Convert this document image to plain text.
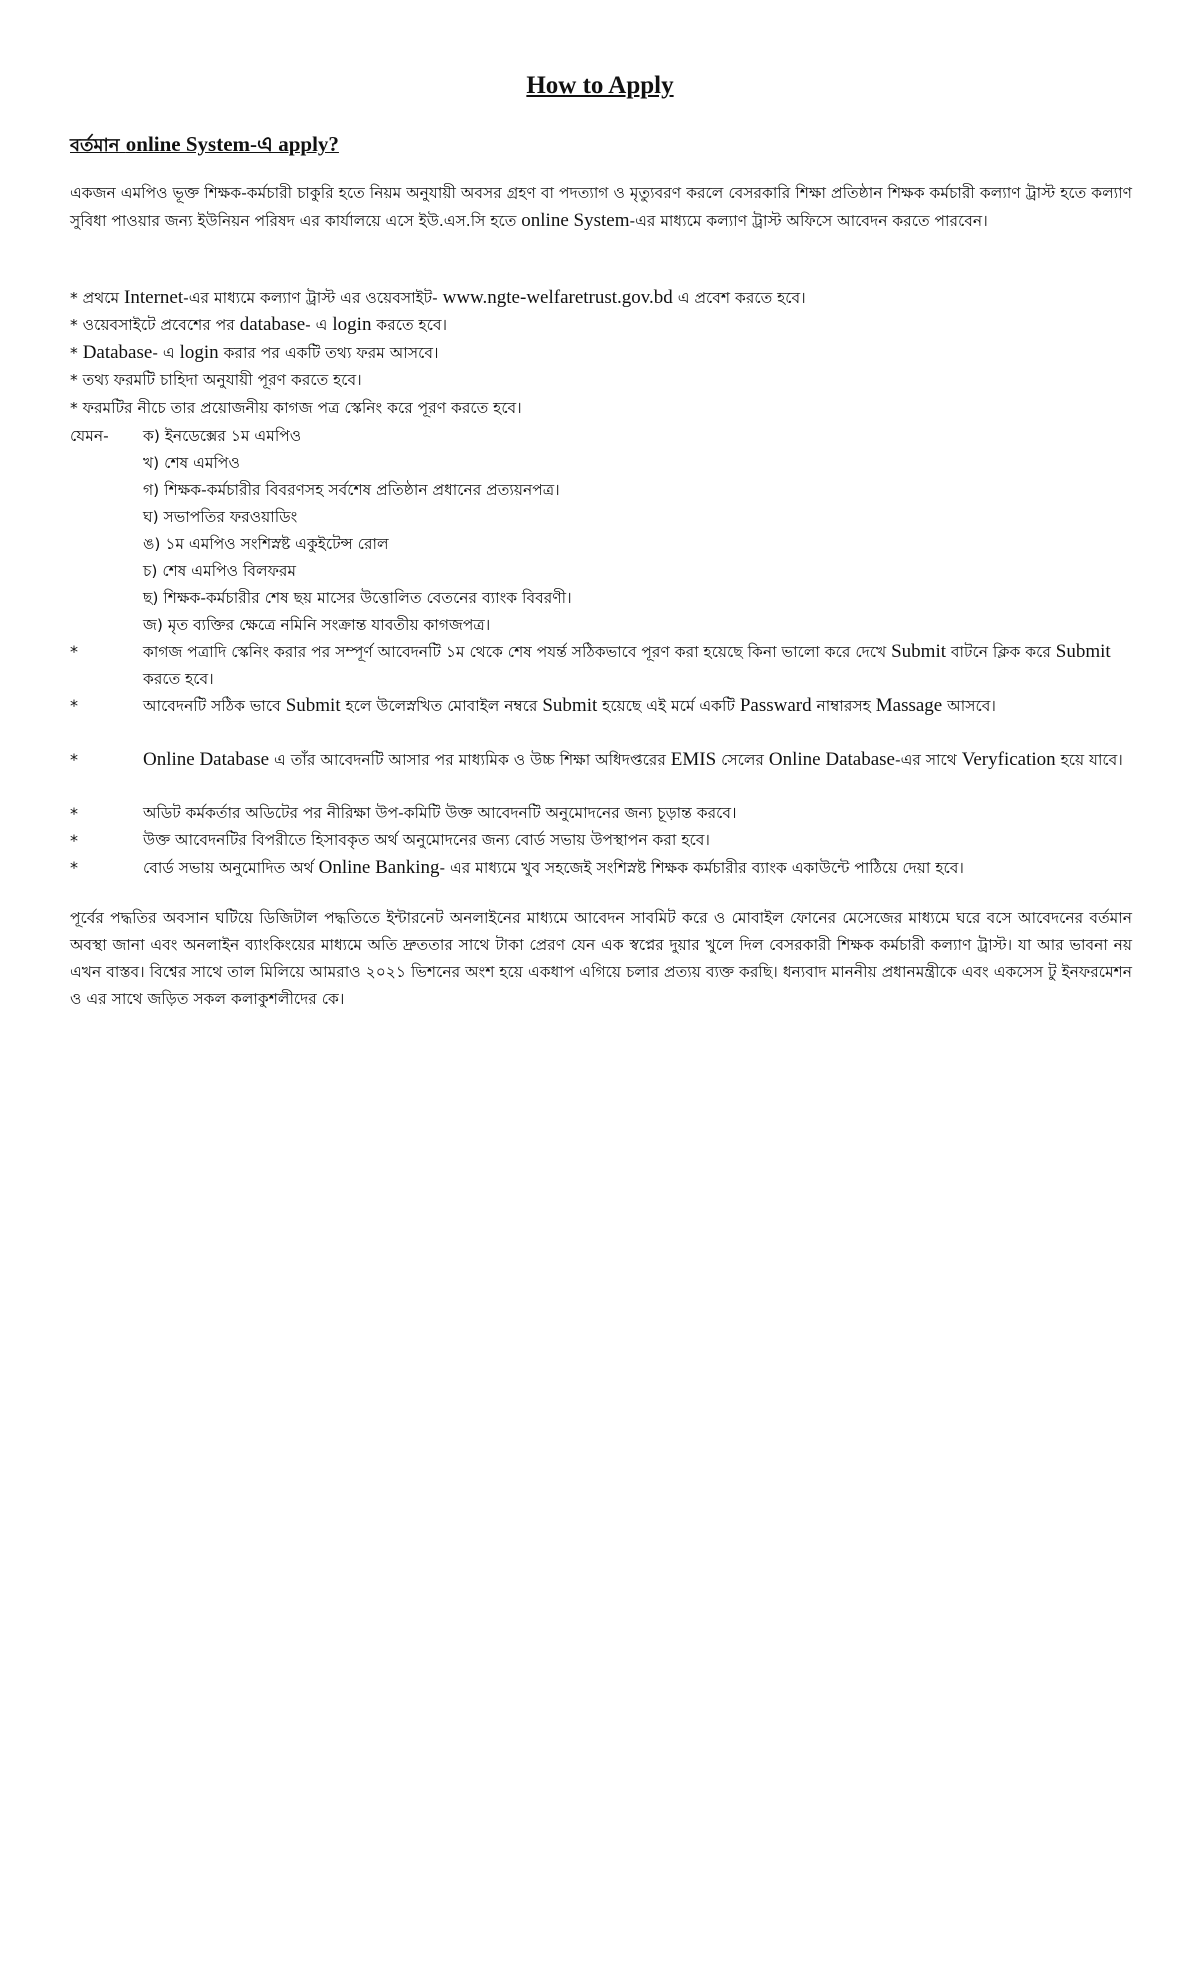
How to Apply
বর্তমান online System-এ apply?
একজন এমপিও ভূক্ত শিক্ষক-কর্মচারী চাকুরি হতে নিয়ম অনুযায়ী অবসর গ্রহণ বা পদত্যাগ ও মৃত্যুবরণ করলে বেসরকারি শিক্ষা প্রতিষ্ঠান শিক্ষক কর্মচারী কল্যাণ ট্রাস্ট হতে কল্যাণ সুবিধা পাওয়ার জন্য ইউনিয়ন পরিষদ এর কার্যালয়ে এসে ইউ.এস.সি হতে online System-এর মাধ্যমে কল্যাণ ট্রাস্ট অফিসে আবেদন করতে পারবেন।
* প্রথমে Internet-এর মাধ্যমে কল্যাণ ট্রাস্ট এর ওয়েবসাইট- www.ngte-welfaretrust.gov.bd এ প্রবেশ করতে হবে।
* ওয়েবসাইটে প্রবেশের পর database- এ login করতে হবে।
* Database- এ login করার পর একটি তথ্য ফরম আসবে।
* তথ্য ফরমটি চাহিদা অনুযায়ী পূরণ করতে হবে।
* ফরমটির নীচে তার প্রয়োজনীয় কাগজ পত্র স্কেনিং করে পূরণ করতে হবে।
যেমন- ক) ইনডেক্সের ১ম এমপিও
খ) শেষ এমপিও
গ) শিক্ষক-কর্মচারীর বিবরণসহ সর্বশেষ প্রতিষ্ঠান প্রধানের প্রত্যয়নপত্র।
ঘ) সভাপতির ফরওয়াডিং
ঙ) ১ম এমপিও সংশিস্নষ্ট একুইটেন্স রোল
চ) শেষ এমপিও বিলফরম
ছ) শিক্ষক-কর্মচারীর শেষ ছয় মাসের উত্তোলিত বেতনের ব্যাংক বিবরণী।
জ) মৃত ব্যক্তির ক্ষেত্রে নমিনি সংক্রান্ত যাবতীয় কাগজপত্র।
*	কাগজ পত্রাদি স্কেনিং করার পর সম্পূর্ণ আবেদনটি ১ম থেকে শেষ পযর্ন্ত সঠিকভাবে পূরণ করা হয়েছে কিনা ভালো করে দেখে Submit বাটনে ক্লিক করে Submit করতে হবে।
*	আবেদনটি সঠিক ভাবে Submit হলে উলেস্নখিত মোবাইল নম্বরে Submit হয়েছে এই মর্মে একটি Passward নাম্বারসহ Massage আসবে।
*	Online Database এ তাঁর আবেদনটি আসার পর মাধ্যমিক ও উচ্চ শিক্ষা অধিদপ্তরের EMIS সেলের Online Database-এর সাথে Veryfication হয়ে যাবে।
*	অডিট কর্মকর্তার অডিটের পর নীরিক্ষা উপ-কমিটি উক্ত আবেদনটি অনুমোদনের জন্য চূড়ান্ত করবে।
*	উক্ত আবেদনটির বিপরীতে হিসাবকৃত অর্থ অনুমোদনের জন্য বোর্ড সভায় উপস্থাপন করা হবে।
*	বোর্ড সভায় অনুমোদিত অর্থ Online Banking- এর মাধ্যমে খুব সহজেই সংশিস্নষ্ট শিক্ষক কর্মচারীর ব্যাংক একাউন্টে পাঠিয়ে দেয়া হবে।
পূর্বের পদ্ধতির অবসান ঘটিয়ে ডিজিটাল পদ্ধতিতে ইন্টারনেট অনলাইনের মাধ্যমে আবেদন সাবমিট করে ও মোবাইল ফোনের মেসেজের মাধ্যমে ঘরে বসে আবেদনের বর্তমান অবস্থা জানা এবং অনলাইন ব্যাংকিংয়ের মাধ্যমে অতি দ্রুততার সাথে টাকা প্রেরণ যেন এক স্বপ্নের দুয়ার খুলে দিল বেসরকারী শিক্ষক কর্মচারী কল্যাণ ট্রাস্ট। যা আর ভাবনা নয় এখন বাস্তব। বিশ্বের সাথে তাল মিলিয়ে আমরাও ২০২১ ভিশনের অংশ হয়ে একধাপ এগিয়ে চলার প্রত্যয় ব্যক্ত করছি। ধন্যবাদ মাননীয় প্রধানমন্ত্রীকে এবং একসেস টু ইনফরমেশন ও এর সাথে জড়িত সকল কলাকুশলীদের কে।
